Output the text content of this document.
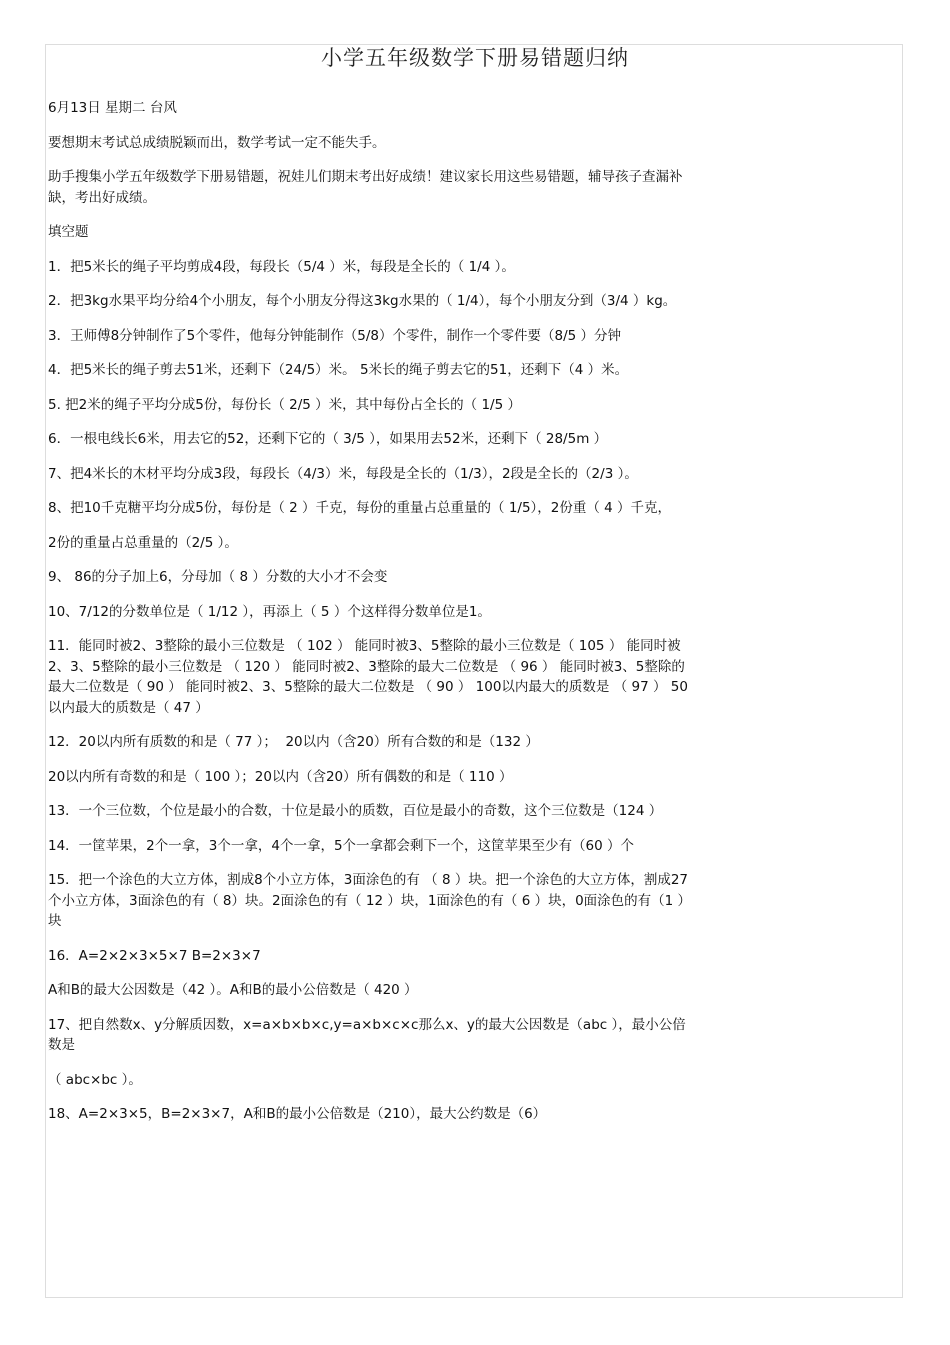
小学五年级数学下册易错题归纳

6月13日 星期二 台风

要想期末考试总成绩脱颖而出，数学考试一定不能失手。

助手搜集小学五年级数学下册易错题，祝娃儿们期末考出好成绩！建议家长用这些易错题，辅导孩子查漏补缺，考出好成绩。

填空题

1．把5米长的绳子平均剪成4段，每段长（5/4 ）米，每段是全长的（ 1/4 ）。

2．把3kg水果平均分给4个小朋友，每个小朋友分得这3kg水果的（ 1/4），每个小朋友分到（3/4 ）kg。

3．王师傅8分钟制作了5个零件，他每分钟能制作（5/8）个零件，制作一个零件要（8/5 ）分钟

4．把5米长的绳子剪去51米，还剩下（24/5）米。 5米长的绳子剪去它的51，还剩下（4 ）米。

5. 把2米的绳子平均分成5份，每份长（ 2/5 ）米，其中每份占全长的（ 1/5 ）

6．一根电线长6米，用去它的52，还剩下它的（ 3/5 ），如果用去52米，还剩下（ 28/5m ）

7、把4米长的木材平均分成3段，每段长（4/3）米，每段是全长的（1/3），2段是全长的（2/3 ）。

8、把10千克糖平均分成5份，每份是（ 2 ）千克，每份的重量占总重量的（ 1/5），2份重（ 4 ）千克，

2份的重量占总重量的（2/5 ）。

9、 86的分子加上6，分母加（ 8 ）分数的大小才不会变

10、7/12的分数单位是（ 1/12 ），再添上（ 5 ）个这样得分数单位是1。

11．能同时被2、3整除的最小三位数是 （ 102 ） 能同时被3、5整除的最小三位数是（ 105 ） 能同时被2、3、5整除的最小三位数是 （ 120 ） 能同时被2、3整除的最大二位数是 （ 96 ） 能同时被3、5整除的最大二位数是（ 90 ） 能同时被2、3、5整除的最大二位数是 （ 90 ） 100以内最大的质数是 （ 97 ） 50以内最大的质数是（ 47 ）

12．20以内所有质数的和是（ 77 ）；  20以内（含20）所有合数的和是（132 ）

20以内所有奇数的和是（ 100 ）；20以内（含20）所有偶数的和是（ 110 ）

13．一个三位数，个位是最小的合数，十位是最小的质数，百位是最小的奇数，这个三位数是（124 ）

14．一筐苹果，2个一拿，3个一拿，4个一拿，5个一拿都会剩下一个，这筐苹果至少有（60 ）个

15．把一个涂色的大立方体，割成8个小立方体，3面涂色的有 （ 8 ）块。把一个涂色的大立方体，割成27个小立方体，3面涂色的有（ 8）块。2面涂色的有（ 12 ）块，1面涂色的有（ 6 ）块，0面涂色的有（1 ）块

16．A=2×2×3×5×7 B=2×3×7

A和B的最大公因数是（42 ）。A和B的最小公倍数是（ 420 ）

17、把自然数x、y分解质因数，x=a×b×b×c,y=a×b×c×c那么x、y的最大公因数是（abc ），最小公倍数是

（ abc×bc ）。

18、A=2×3×5，B=2×3×7，A和B的最小公倍数是（210），最大公约数是（6）
